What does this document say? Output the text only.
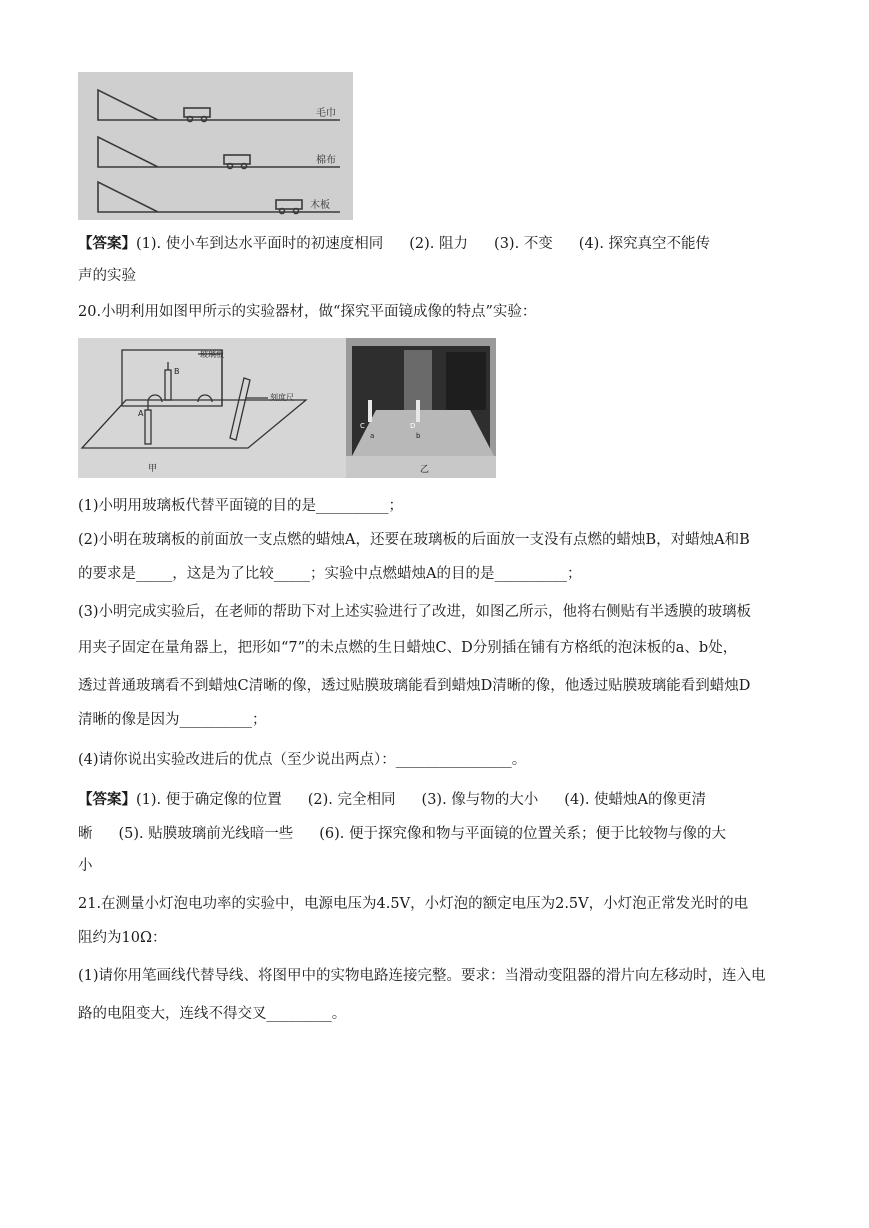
毛巾
棉布
木板
【答案】(1). 使小车到达水平面时的初速度相同 (2). 阻力 (3). 不变 (4). 探究真空不能传
声的实验
20.小明利用如图甲所示的实验器材，做“探究平面镜成像的特点”实验：
玻璃板
刻度尺
A
B
甲
C	D
a	b
乙
(1)小明用玻璃板代替平面镜的目的是__________；
(2)小明在玻璃板的前面放一支点燃的蜡烛A，还要在玻璃板的后面放一支没有点燃的蜡烛B，对蜡烛A和B
的要求是_____，这是为了比较_____；实验中点燃蜡烛A的目的是__________；
(3)小明完成实验后，在老师的帮助下对上述实验进行了改进，如图乙所示，他将右侧贴有半透膜的玻璃板
用夹子固定在量角器上，把形如“7”的未点燃的生日蜡烛C、D分别插在铺有方格纸的泡沫板的a、b处，
透过普通玻璃看不到蜡烛C清晰的像，透过贴膜玻璃能看到蜡烛D清晰的像，他透过贴膜玻璃能看到蜡烛D
清晰的像是因为__________；
(4)请你说出实验改进后的优点（至少说出两点）：________________。
【答案】(1). 便于确定像的位置 (2). 完全相同 (3). 像与物的大小 (4). 使蜡烛A的像更清
晰 (5). 贴膜玻璃前光线暗一些 (6). 便于探究像和物与平面镜的位置关系；便于比较物与像的大
小
21.在测量小灯泡电功率的实验中，电源电压为4.5V，小灯泡的额定电压为2.5V，小灯泡正常发光时的电
阻约为10Ω：
(1)请你用笔画线代替导线、将图甲中的实物电路连接完整。要求：当滑动变阻器的滑片向左移动时，连入电
路的电阻变大，连线不得交叉_________。
